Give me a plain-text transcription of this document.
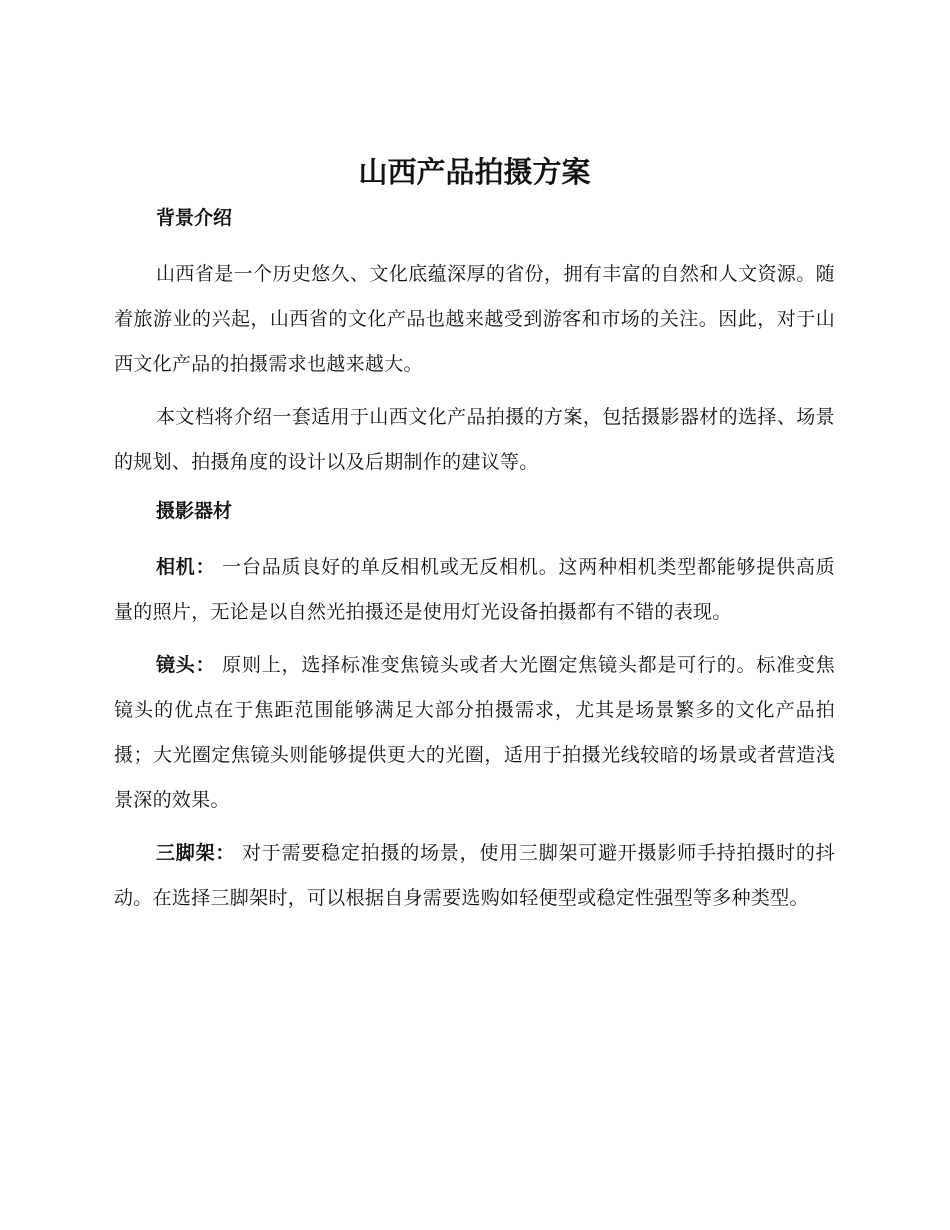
山西产品拍摄方案
背景介绍

山西省是一个历史悠久、文化底蕴深厚的省份，拥有丰富的自然和人文资源。随着旅游业的兴起，山西省的文化产品也越来越受到游客和市场的关注。因此，对于山西文化产品的拍摄需求也越来越大。

本文档将介绍一套适用于山西文化产品拍摄的方案，包括摄影器材的选择、场景的规划、拍摄角度的设计以及后期制作的建议等。

摄影器材

相机： 一台品质良好的单反相机或无反相机。这两种相机类型都能够提供高质量的照片，无论是以自然光拍摄还是使用灯光设备拍摄都有不错的表现。

镜头： 原则上，选择标准变焦镜头或者大光圈定焦镜头都是可行的。标准变焦镜头的优点在于焦距范围能够满足大部分拍摄需求，尤其是场景繁多的文化产品拍摄；大光圈定焦镜头则能够提供更大的光圈，适用于拍摄光线较暗的场景或者营造浅景深的效果。

三脚架： 对于需要稳定拍摄的场景，使用三脚架可避开摄影师手持拍摄时的抖动。在选择三脚架时，可以根据自身需要选购如轻便型或稳定性强型等多种类型。
